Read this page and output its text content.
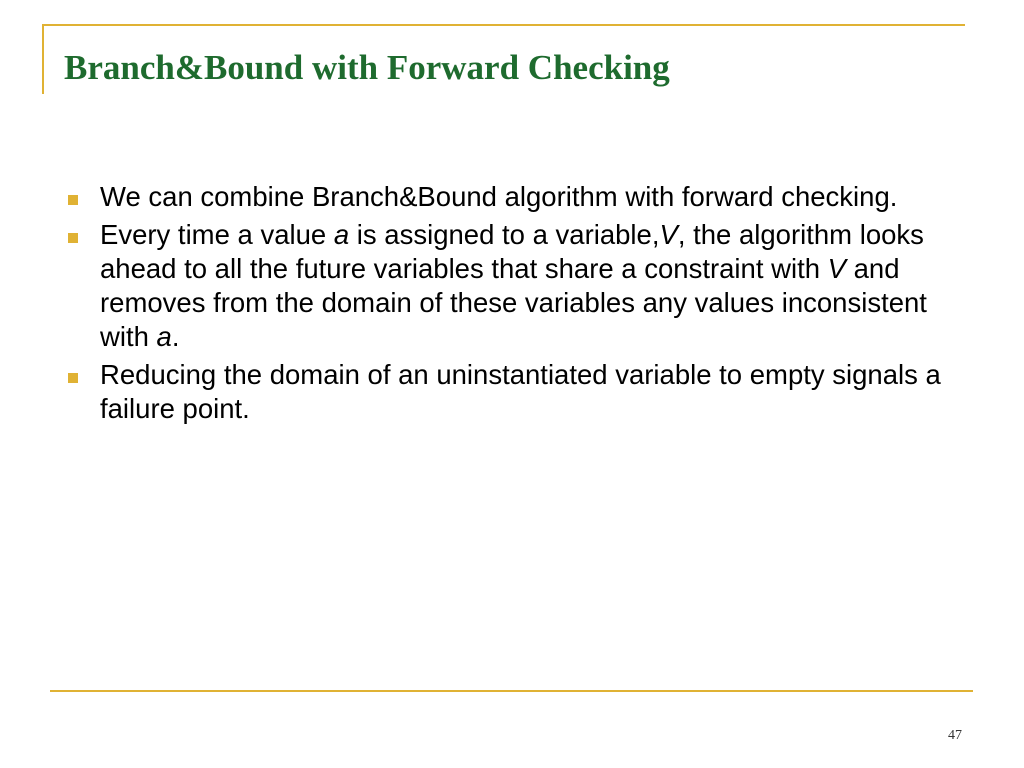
Branch&Bound with Forward Checking
We can combine Branch&Bound algorithm with forward checking.
Every time a value a is assigned to a variable,V, the algorithm looks ahead to all the future variables that share a constraint with V and removes from the domain of these variables any values inconsistent with a.
Reducing the domain of an uninstantiated variable to empty signals a failure point.
47
